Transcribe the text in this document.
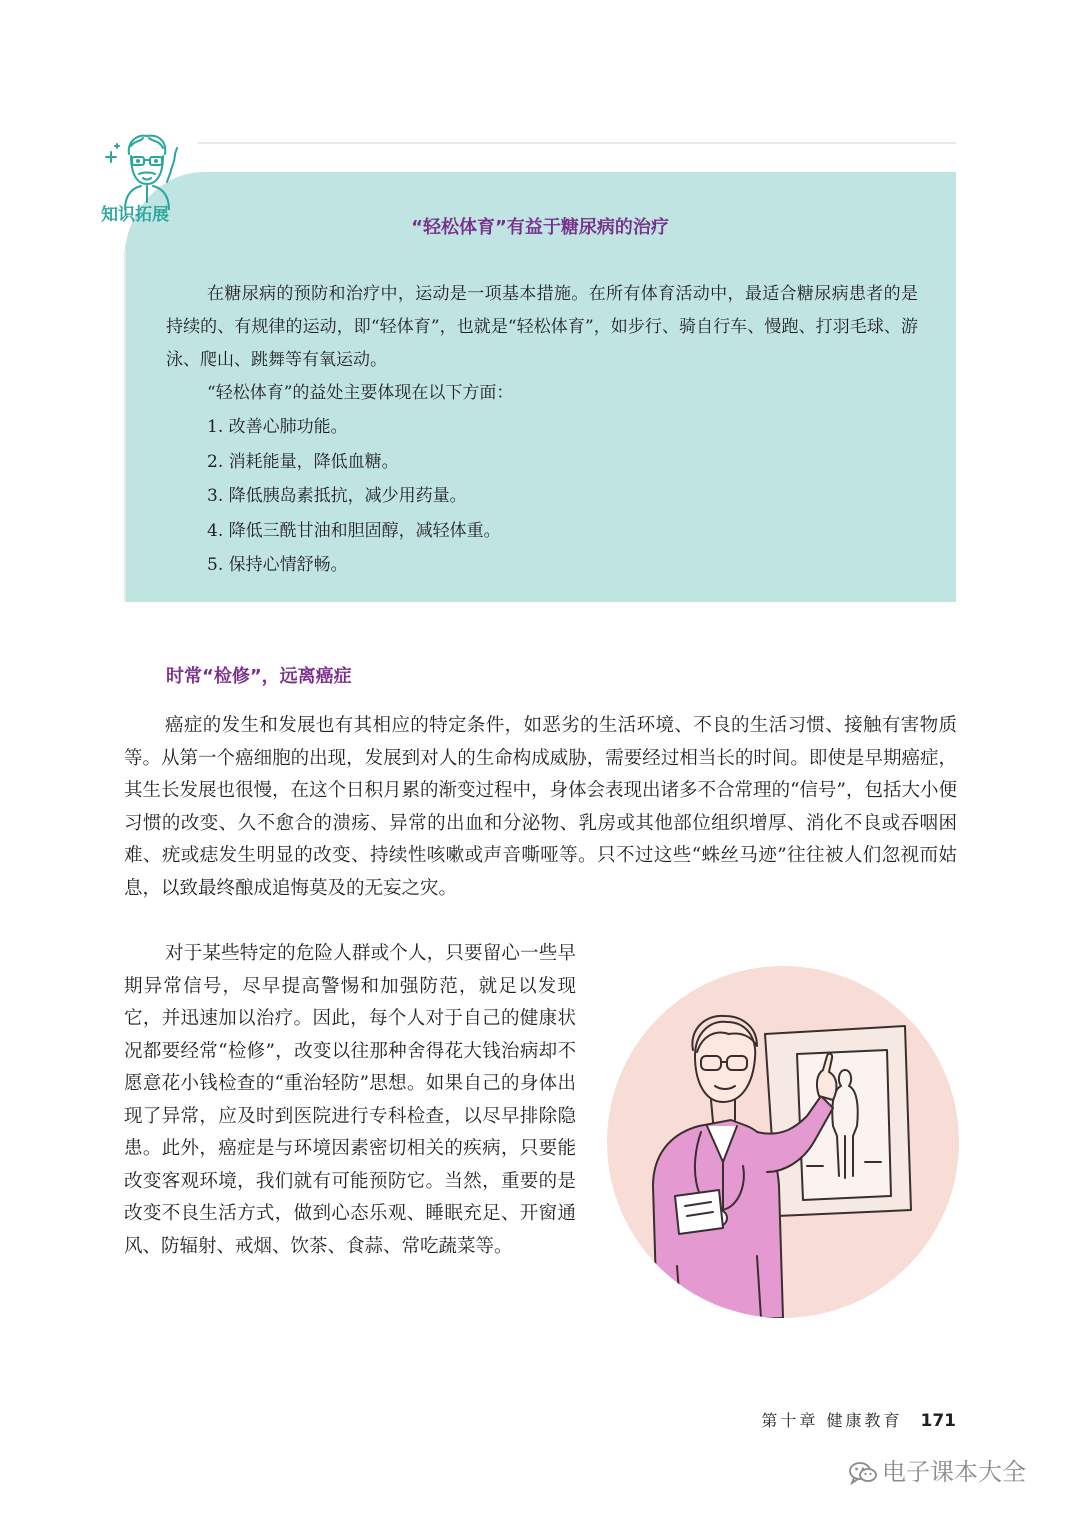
知识拓展
“轻松体育”有益于糖尿病的治疗
在糖尿病的预防和治疗中，运动是一项基本措施。在所有体育活动中，最适合糖尿病患者的是持续的、有规律的运动，即“轻体育”，也就是“轻松体育”，如步行、骑自行车、慢跑、打羽毛球、游泳、爬山、跳舞等有氧运动。
“轻松体育”的益处主要体现在以下方面：
1. 改善心肺功能。
2. 消耗能量，降低血糖。
3. 降低胰岛素抵抗，减少用药量。
4. 降低三酰甘油和胆固醇，减轻体重。
5. 保持心情舒畅。
时常“检修”，远离癌症
癌症的发生和发展也有其相应的特定条件，如恶劣的生活环境、不良的生活习惯、接触有害物质等。从第一个癌细胞的出现，发展到对人的生命构成威胁，需要经过相当长的时间。即使是早期癌症，其生长发展也很慢，在这个日积月累的渐变过程中，身体会表现出诸多不合常理的“信号”，包括大小便习惯的改变、久不愈合的溃疡、异常的出血和分泌物、乳房或其他部位组织增厚、消化不良或吞咽困难、疣或痣发生明显的改变、持续性咳嗽或声音嘶哑等。只不过这些“蛛丝马迹”往往被人们忽视而姑息，以致最终酿成追悔莫及的无妄之灾。
对于某些特定的危险人群或个人，只要留心一些早期异常信号，尽早提高警惕和加强防范，就足以发现它，并迅速加以治疗。因此，每个人对于自己的健康状况都要经常“检修”，改变以往那种舍得花大钱治病却不愿意花小钱检查的“重治轻防”思想。如果自己的身体出现了异常，应及时到医院进行专科检查，以尽早排除隐患。此外，癌症是与环境因素密切相关的疾病，只要能改变客观环境，我们就有可能预防它。当然，重要的是改变不良生活方式，做到心态乐观、睡眠充足、开窗通风、防辐射、戒烟、饮茶、食蒜、常吃蔬菜等。
第十章 健康教育 171
电子课本大全
